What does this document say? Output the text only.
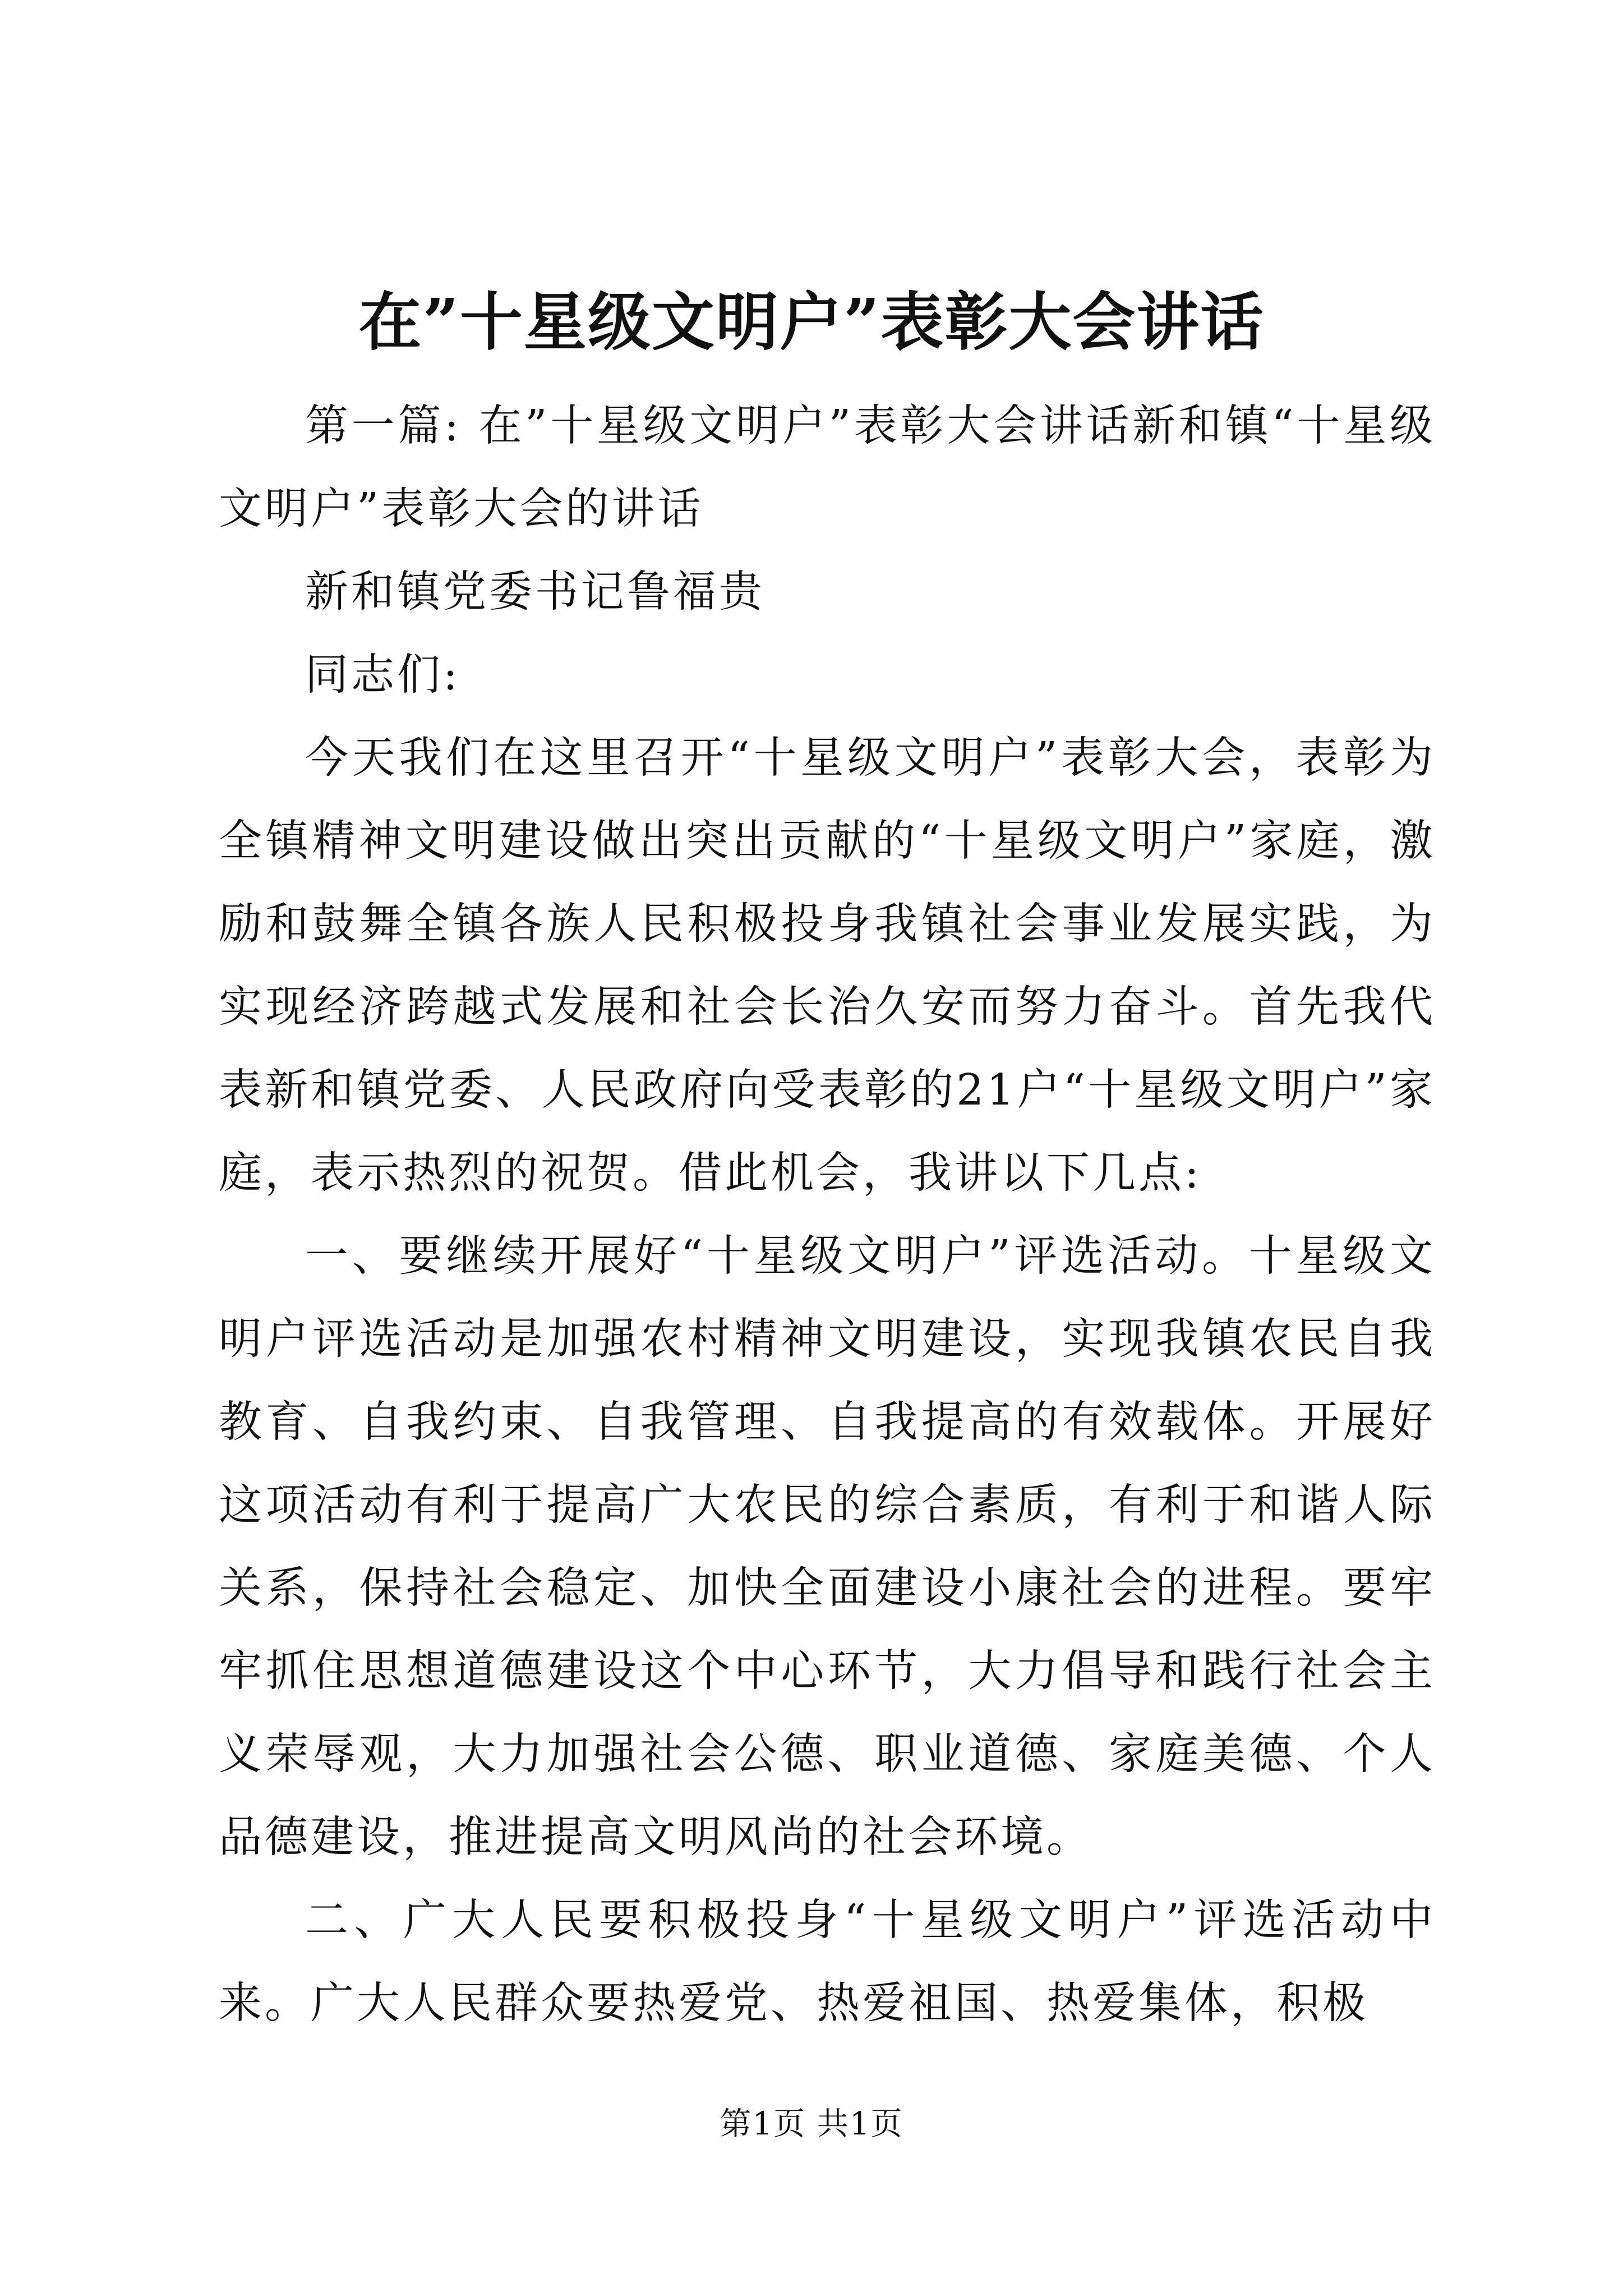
在”十星级文明户”表彰大会讲话

第一篇: 在”十星级文明户”表彰大会讲话新和镇“十星级文明户”表彰大会的讲话

新和镇党委书记鲁福贵

同志们:

今天我们在这里召开“十星级文明户”表彰大会，表彰为全镇精神文明建设做出突出贡献的“十星级文明户”家庭，激励和鼓舞全镇各族人民积极投身我镇社会事业发展实践，为实现经济跨越式发展和社会长治久安而努力奋斗。首先我代表新和镇党委、人民政府向受表彰的21户“十星级文明户”家庭，表示热烈的祝贺。借此机会，我讲以下几点:

一、要继续开展好“十星级文明户”评选活动。十星级文明户评选活动是加强农村精神文明建设，实现我镇农民自我教育、自我约束、自我管理、自我提高的有效载体。开展好这项活动有利于提高广大农民的综合素质，有利于和谐人际关系，保持社会稳定、加快全面建设小康社会的进程。要牢牢抓住思想道德建设这个中心环节，大力倡导和践行社会主义荣辱观，大力加强社会公德、职业道德、家庭美德、个人品德建设，推进提高文明风尚的社会环境。

二、广大人民要积极投身“十星级文明户”评选活动中来。广大人民群众要热爱党、热爱祖国、热爱集体，积极

第1页 共1页
